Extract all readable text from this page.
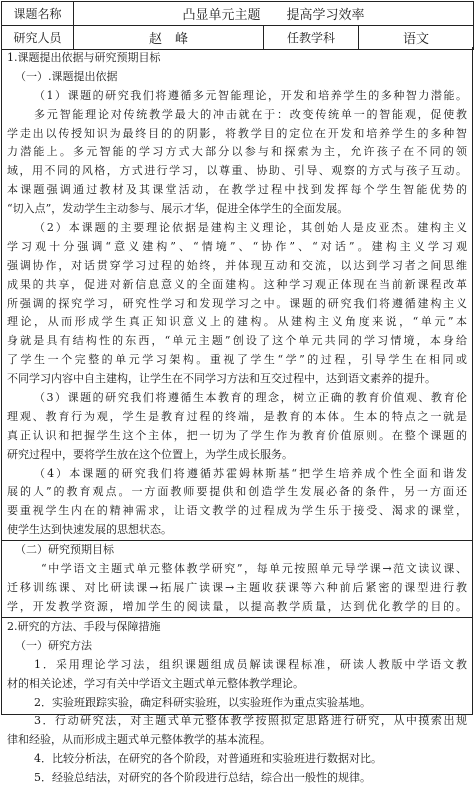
课题名称	凸显单元主题　　提高学习效率		
研究人员	赵　峰	任教学科	语文
1.课题提出依据与研究预期目标
（一）.课题提出依据
（1）课题的研究我们将遵循多元智能理论，开发和培养学生的多种智力潜能。
多元智能理论对传统教学最大的冲击就在于：改变传统单一的智能观，促使教
学走出以传授知识为最终目的的阴影，将教学目的定位在开发和培养学生的多种智
力潜能上。多元智能的学习方式大部分以参与和探索为主，允许孩子在不同的领
域，用不同的风格，方式进行学习，以尊重、协助、引导、观察的方式与孩子互动。
本课题强调通过教材及其课堂活动，在教学过程中找到发挥每个学生智能优势的
“切入点”，发动学生主动参与、展示才华，促进全体学生的全面发展。
（2）本课题的主要理论依据是建构主义理论，其创始人是皮亚杰。建构主义
学习观十分强调“意义建构”、“情境”、“协作”、“对话”。建构主义学习观
强调协作，对话贯穿学习过程的始终，并体现互动和交流，以达到学习者之间思维
成果的共享，促进对新信息意义的全面建构。这种学习观正体现在当前新课程改革
所强调的探究学习，研究性学习和发现学习之中。课题的研究我们将遵循建构主义
理论，从而形成学生真正知识意义上的建构。从建构主义角度来说，“单元”本
身就是具有结构性的东西，“单元主题”创设了这个单元共同的学习情境，本身给
了学生一个完整的单元学习架构。重视了学生“学”的过程，引导学生在相同或
不同学习内容中自主建构，让学生在不同学习方法和互交过程中，达到语文素养的提升。
（3）课题的研究我们将遵循生本教育的理念，树立正确的教育价值观、教育伦
理观、教育行为观，学生是教育过程的终端，是教育的本体。生本的特点之一就是
真正认识和把握学生这个主体，把一切为了学生作为教育价值原则。在整个课题的
研究过程中，要将学生放在这个位置上，为学生成长服务。
（4）本课题的研究我们将遵循苏霍姆林斯基“把学生培养成个性全面和谐发
展的人”的教育观点。一方面教师要提供和创造学生发展必备的条件，另一方面还
要重视学生内在的精神需求，让语文教学的过程成为学生乐于接受、渴求的课堂，
使学生达到快速发展的思想状态。
（二）研究预期目标
“中学语文主题式单元整体教学研究”，每单元按照单元导学课→范文读议课、
迁移训练课、对比研读课→拓展广读课→主题收获课等六种前后紧密的课型进行教
学，开发教学资源，增加学生的阅读量，以提高教学质量，达到优化教学的目的。
2.研究的方法、手段与保障措施
（一）研究方法
1．采用理论学习法，组织课题组成员解读课程标准，研读人教版中学语文教
材的相关论述，学习有关中学语文主题式单元整体教学理论。
2．实验班跟踪实验，确定科研实验班，以实验班作为重点实验基地。
3．行动研究法，对主题式单元整体教学按照拟定思路进行研究，从中摸索出规
律和经验，从而形成主题式单元整体教学的基本流程。
4．比较分析法，在研究的各个阶段，对普通班和实验班进行数据对比。
5．经验总结法，对研究的各个阶段进行总结，综合出一般性的规律。
